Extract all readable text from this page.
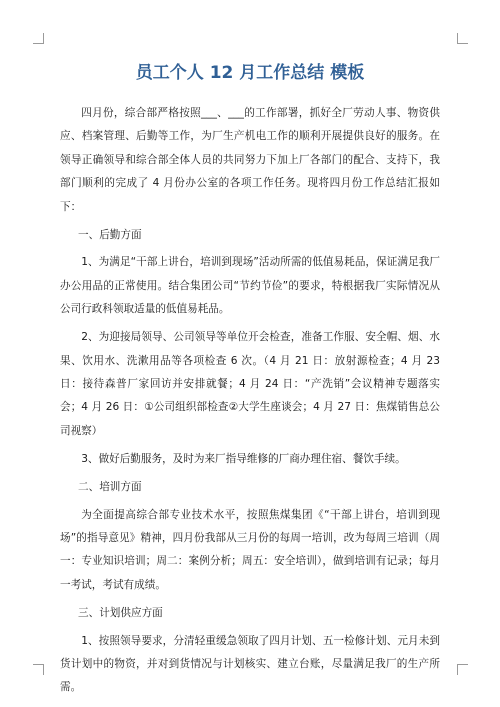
员工个人 12 月工作总结 模板
四月份，综合部严格按照___、___的工作部署，抓好全厂劳动人事、物资供应、档案管理、后勤等工作，为厂生产机电工作的顺利开展提供良好的服务。在领导正确领导和综合部全体人员的共同努力下加上厂各部门的配合、支持下，我部门顺利的完成了 4 月份办公室的各项工作任务。现将四月份工作总结汇报如下：
一、后勤方面
1、为满足“干部上讲台，培训到现场”活动所需的低值易耗品，保证满足我厂办公用品的正常使用。结合集团公司“节约节俭”的要求，特根据我厂实际情况从公司行政科领取适量的低值易耗品。
2、为迎接局领导、公司领导等单位开会检查，准备工作服、安全帽、烟、水果、饮用水、洗漱用品等各项检查 6 次。（4 月 21 日：放射源检查；4 月 23 日：接待森普厂家回访并安排就餐；4 月 24 日：“产洗销”会议精神专题落实会；4 月 26 日：①公司组织部检查②大学生座谈会；4 月 27 日：焦煤销售总公司视察）
3、做好后勤服务，及时为来厂指导维修的厂商办理住宿、餐饮手续。
二、培训方面
为全面提高综合部专业技术水平，按照焦煤集团《“干部上讲台，培训到现场”的指导意见》精神，四月份我部从三月份的每周一培训，改为每周三培训（周一：专业知识培训；周二：案例分析；周五：安全培训），做到培训有记录；每月一考试，考试有成绩。
三、计划供应方面
1、按照领导要求，分清轻重缓急领取了四月计划、五一检修计划、元月未到货计划中的物资，并对到货情况与计划核实、建立台账，尽量满足我厂的生产所需。
